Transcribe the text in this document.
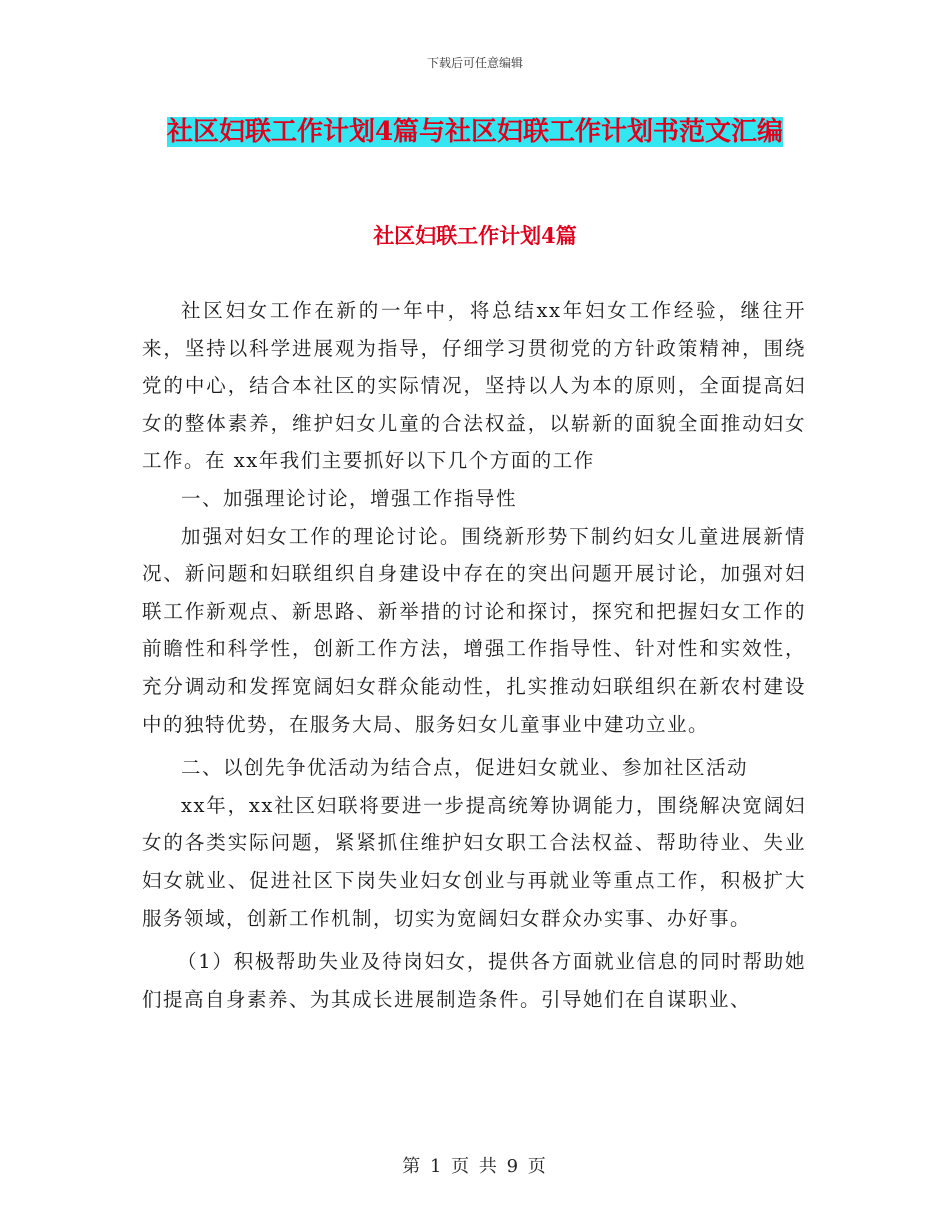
下载后可任意编辑
社区妇联工作计划4篇与社区妇联工作计划书范文汇编
社区妇联工作计划4篇

社区妇女工作在新的一年中，将总结xx年妇女工作经验，继往开来，坚持以科学进展观为指导，仔细学习贯彻党的方针政策精神，围绕党的中心，结合本社区的实际情况，坚持以人为本的原则，全面提高妇女的整体素养，维护妇女儿童的合法权益，以崭新的面貌全面推动妇女工作。在 xx年我们主要抓好以下几个方面的工作

一、加强理论讨论，增强工作指导性

加强对妇女工作的理论讨论。围绕新形势下制约妇女儿童进展新情况、新问题和妇联组织自身建设中存在的突出问题开展讨论，加强对妇联工作新观点、新思路、新举措的讨论和探讨，探究和把握妇女工作的前瞻性和科学性，创新工作方法，增强工作指导性、针对性和实效性，充分调动和发挥宽阔妇女群众能动性，扎实推动妇联组织在新农村建设中的独特优势，在服务大局、服务妇女儿童事业中建功立业。

二、以创先争优活动为结合点，促进妇女就业、参加社区活动

xx年，xx社区妇联将要进一步提高统筹协调能力，围绕解决宽阔妇女的各类实际问题，紧紧抓住维护妇女职工合法权益、帮助待业、失业妇女就业、促进社区下岗失业妇女创业与再就业等重点工作，积极扩大服务领域，创新工作机制，切实为宽阔妇女群众办实事、办好事。

（1）积极帮助失业及待岗妇女，提供各方面就业信息的同时帮助她们提高自身素养、为其成长进展制造条件。引导她们在自谋职业、

第 1 页 共 9 页
